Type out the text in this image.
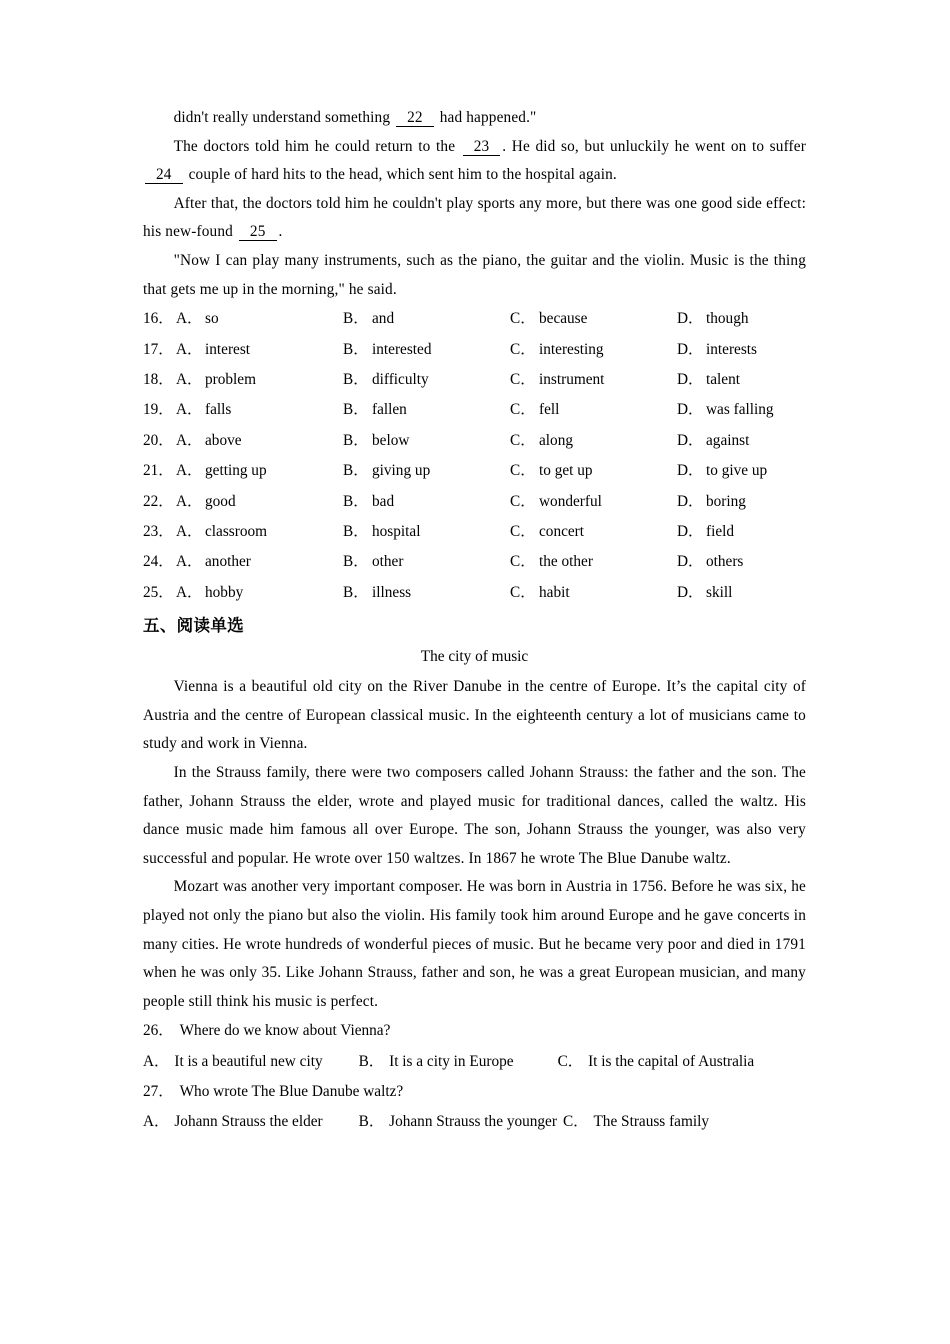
didn't really understand something 22 had happened."

The doctors told him he could return to the 23 . He did so, but unluckily he went on to suffer 24 couple of hard hits to the head, which sent him to the hospital again.

After that, the doctors told him he couldn't play sports any more, but there was one good side effect: his new-found 25 .

"Now I can play many instruments, such as the piano, the guitar and the violin. Music is the thing that gets me up in the morning," he said.

16． A． so	B． and	C． because	D． though
17． A． interest	B． interested	C． interesting	D． interests
18． A． problem	B． difficulty	C． instrument	D． talent
19． A． falls	B． fallen	C． fell	D． was falling
20． A． above	B． below	C． along	D． against
21． A． getting up	B． giving up	C． to get up	D． to give up
22． A． good	B． bad	C． wonderful	D． boring
23． A． classroom	B． hospital	C． concert	D． field
24． A． another	B． other	C． the other	D． others
25． A． hobby	B． illness	C． habit	D． skill
五、阅读单选
The city of music

Vienna is a beautiful old city on the River Danube in the centre of Europe. It’s the capital city of Austria and the centre of European classical music. In the eighteenth century a lot of musicians came to study and work in Vienna.

In the Strauss family, there were two composers called Johann Strauss: the father and the son. The father, Johann Strauss the elder, wrote and played music for traditional dances, called the waltz. His dance music made him famous all over Europe. The son, Johann Strauss the younger, was also very successful and popular. He wrote over 150 waltzes. In 1867 he wrote The Blue Danube waltz.

Mozart was another very important composer. He was born in Austria in 1756. Before he was six, he played not only the piano but also the violin. His family took him around Europe and he gave concerts in many cities. He wrote hundreds of wonderful pieces of music. But he became very poor and died in 1791 when he was only 35. Like Johann Strauss, father and son, he was a great European musician, and many people still think his music is perfect.

26． Where do we know about Vienna?
A． It is a beautiful new city B． It is a city in Europe	C． It is the capital of Australia
27． Who wrote The Blue Danube waltz?
A． Johann Strauss the elder B． Johann Strauss the younger C． The Strauss family
